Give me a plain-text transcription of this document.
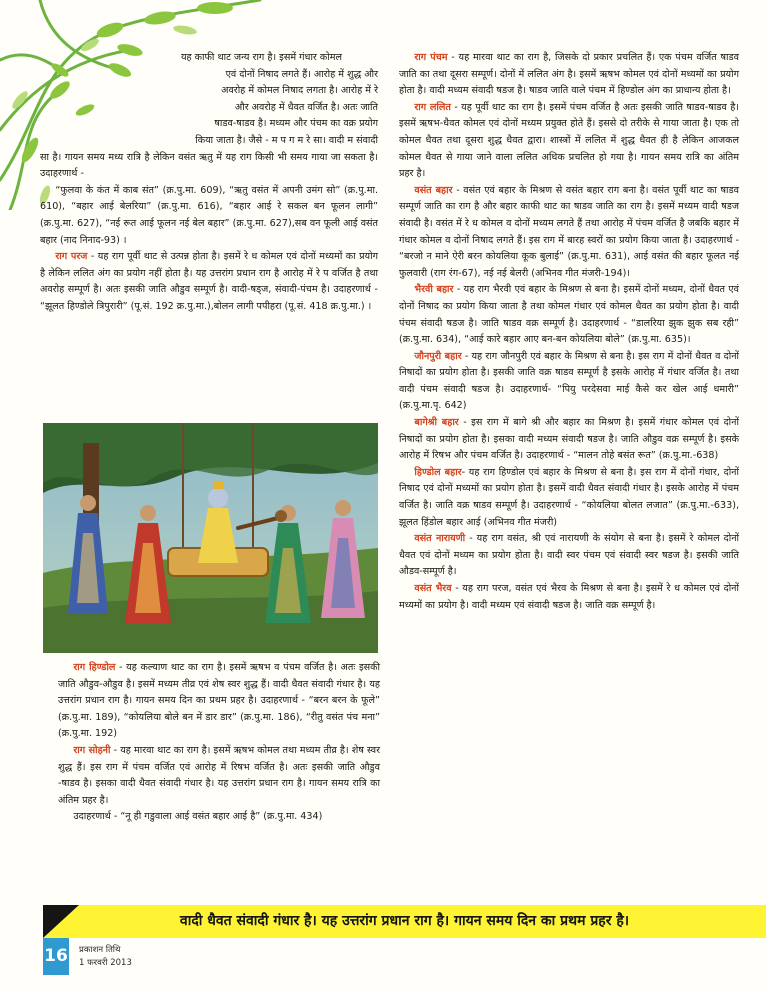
यह काफी थाट जन्य राग है। इसमें गंधार कोमल
एवं दोनों निषाद लगते हैं। आरोह में शुद्ध और
अवरोह में कोमल निषाद लगता है। आरोह में रे
और अवरोह में धैवत वर्जित है। अतः जाति
षाडव-षाडव है। मध्यम और पंचम का वक्र प्रयोग
किया जाता है। जैसे - म प ग म रे सा। वादी म संवादी

सा है। गायन समय मध्य रात्रि है लेकिन वसंत ऋतु में यह राग किसी भी समय गाया जा सकता है। उदाहरणार्थ -

“फुलवा के कंत में काब संत” (क्र.पु.मा. 609), “ऋतु वसंत में अपनी उमंग सो” (क्र.पु.मा. 610), “बहार आई बेलरिया” (क्र.पु.मा. 616), “बहार आई रे सकल बन फूलन लागी” (क्र.पु.मा. 627), “नई रूत आई फूलन नई बेल बहार” (क्र.पु.मा. 627),सब वन फूली आई वसंत बहार (नाद निनाद-93) ।

राग परज - यह राग पूर्वी थाट से उत्पन्न होता है। इसमें रे ध कोमल एवं दोनों मध्यमों का प्रयोग है लेकिन ललित अंग का प्रयोग नहीं होता है। यह उत्तरांग प्रधान राग है आरोह में रे प वर्जित है तथा अवरोह सम्पूर्ण है। अतः इसकी जाति औडुव सम्पूर्ण है। वादी-षड्ज, संवादी-पंचम है। उदाहरणार्थ - “झूलत हिण्डोले त्रिपुरारी” (पू.सं. 192 क्र.पु.मा.),बोलन लागी पपीहरा (पू.सं. 418 क्र.पु.मा.) ।

राग हिण्डोल - यह कल्याण थाट का राग है। इसमें ऋषभ व पंचम वर्जित है। अतः इसकी जाति औडुव-औडुव है। इसमें मध्यम तीव्र एवं शेष स्वर शुद्ध हैं। वादी धैवत संवादी गंधार है। यह उत्तरांग प्रधान राग है। गायन समय दिन का प्रथम प्रहर है। उदाहरणार्थ - “बरन बरन के फूले” (क्र.पु.मा. 189), “कोयलिया बोले बन में डार डार” (क्र.पु.मा. 186), “रीतु वसंत पंच मना” (क्र.पु.मा. 192)

राग सोहनी - यह मारवा थाट का राग है। इसमें ऋषभ कोमल तथा मध्यम तीव्र है। शेष स्वर शुद्ध हैं। इस राग में पंचम वर्जित एवं आरोह में रिषभ वर्जित है। अतः इसकी जाति औडुव -षाडव है। इसका वादी धैवत संवादी गंधार है। यह उत्तरांग प्रधान राग है। गायन समय रात्रि का अंतिम प्रहर है।

उदाहरणार्थ - “नू ही गडुवाला आई वसंत बहार आई है” (क्र.पु.मा. 434)

राग पंचम - यह मारवा थाट का राग है, जिसके दो प्रकार प्रचलित हैं। एक पंचम वर्जित षाडव जाति का तथा दूसरा सम्पूर्ण। दोनों में ललित अंग है। इसमें ऋषभ कोमल एवं दोनों मध्यमों का प्रयोग होता है। वादी मध्यम संवादी षडज है। षाडव जाति वाले पंचम में हिण्डोल अंग का प्राधान्य होता है।

राग ललित - यह पूर्वी थाट का राग है। इसमें पंचम वर्जित है अतः इसकी जाति षाडव-षाडव है। इसमें ऋषभ-धैवत कोमल एवं दोनों मध्यम प्रयुक्त होते हैं। इससे दो तरीके से गाया जाता है। एक तो कोमल धैवत तथा दूसरा शुद्ध धैवत द्वारा। शास्त्रों में ललित में शुद्ध धैवत ही है लेकिन आजकल कोमल धैवत से गाया जाने वाला ललित अधिक प्रचलित हो गया है। गायन समय रात्रि का अंतिम प्रहर है।

वसंत बहार - वसंत एवं बहार के मिश्रण से वसंत बहार राग बना है। वसंत पूर्वी थाट का षाडव सम्पूर्ण जाति का राग है और बहार काफी थाट का षाडव जाति का राग है। इसमें मध्यम वादी षडज संवादी है। वसंत में रे ध कोमल व दोनों मध्यम लगते हैं तथा आरोह में पंचम वर्जित है जबकि बहार में गंधार कोमल व दोनों निषाद लगते हैं। इस राग में बारह स्वरों का प्रयोग किया जाता है। उदाहरणार्थ - “बरजो न माने ऐरी बरन कोयलिया कूक बुलाई” (क्र.पु.मा. 631), आई वसंत की बहार फूलत नई फुलवारी (राग रंग-67), नई नई बेलरी (अभिनव गीत मंजरी-194)।

भैरवी बहार - यह राग भैरवी एवं बहार के मिश्रण से बना है। इसमें दोनों मध्यम, दोनों धैवत एवं दोनों निषाद का प्रयोग किया जाता है तथा कोमल गंधार एवं कोमल धैवत का प्रयोग होता है। वादी पंचम संवादी षडज है। जाति षाडव वक्र सम्पूर्ण है। उदाहरणार्थ - “डालरिया झुक झुक सब रही” (क्र.पु.मा. 634), “आई कारे बहार आए बन-बन कोयलिया बोले” (क्र.पु.मा. 635)।

जौनपुरी बहार - यह राग जौनपुरी एवं बहार के मिश्रण से बना है। इस राग में दोनों धैवत व दोनों निषादों का प्रयोग होता है। इसकी जाति वक्र षाडव सम्पूर्ण है इसके आरोह में गंधार वर्जित है। तथा वादी पंचम संवादी षडज है। उदाहरणार्थ- “पियु परदेसवा माई कैसे कर खेल आई धमारी” (क्र.पु.मा.पृ. 642)

बागेश्री बहार - इस राग में बागे श्री और बहार का मिश्रण है। इसमें गंधार कोमल एवं दोनों निषादों का प्रयोग होता है। इसका वादी मध्यम संवादी षडज है। जाति औडुव वक्र सम्पूर्ण है। इसके आरोह में रिषभ और पंचम वर्जित है। उदाहरणार्थ - “मालन तोहे बसंत रूत” (क्र.पु.मा.-638)

हिण्डोल बहार- यह राग हिण्डोल एवं बहार के मिश्रण से बना है। इस राग में दोनों गंधार, दोनों निषाद एवं दोनों मध्यमों का प्रयोग होता है। इसमें वादी धैवत संवादी गंधार है। इसके आरोह में पंचम वर्जित है। जाति वक्र षाडव सम्पूर्ण है। उदाहरणार्थ - “कोयलिया बोलत लजात” (क्र.पु.मा.-633), झूलत हिंडोल बहार आई (अभिनव गीत मंजरी)

वसंत नारायणी - यह राग वसंत, श्री एवं नारायणी के संयोग से बना है। इसमें रे कोमल दोनों धैवत एवं दोनों मध्यम का प्रयोग होता है। वादी स्वर पंचम एवं संवादी स्वर षडज है। इसकी जाति औडव-सम्पूर्ण है।

वसंत भैरव - यह राग परज, वसंत एवं भैरव के मिश्रण से बना है। इसमें रे ध कोमल एवं दोनों मध्यमों का प्रयोग है। वादी मध्यम एवं संवादी षडज है। जाति वक्र सम्पूर्ण है।

वादी धैवत संवादी गंधार है। यह उत्तरांग प्रधान राग है। गायन समय दिन का प्रथम प्रहर है।
16 प्रकाशन तिथि
1 फरवरी 2013
